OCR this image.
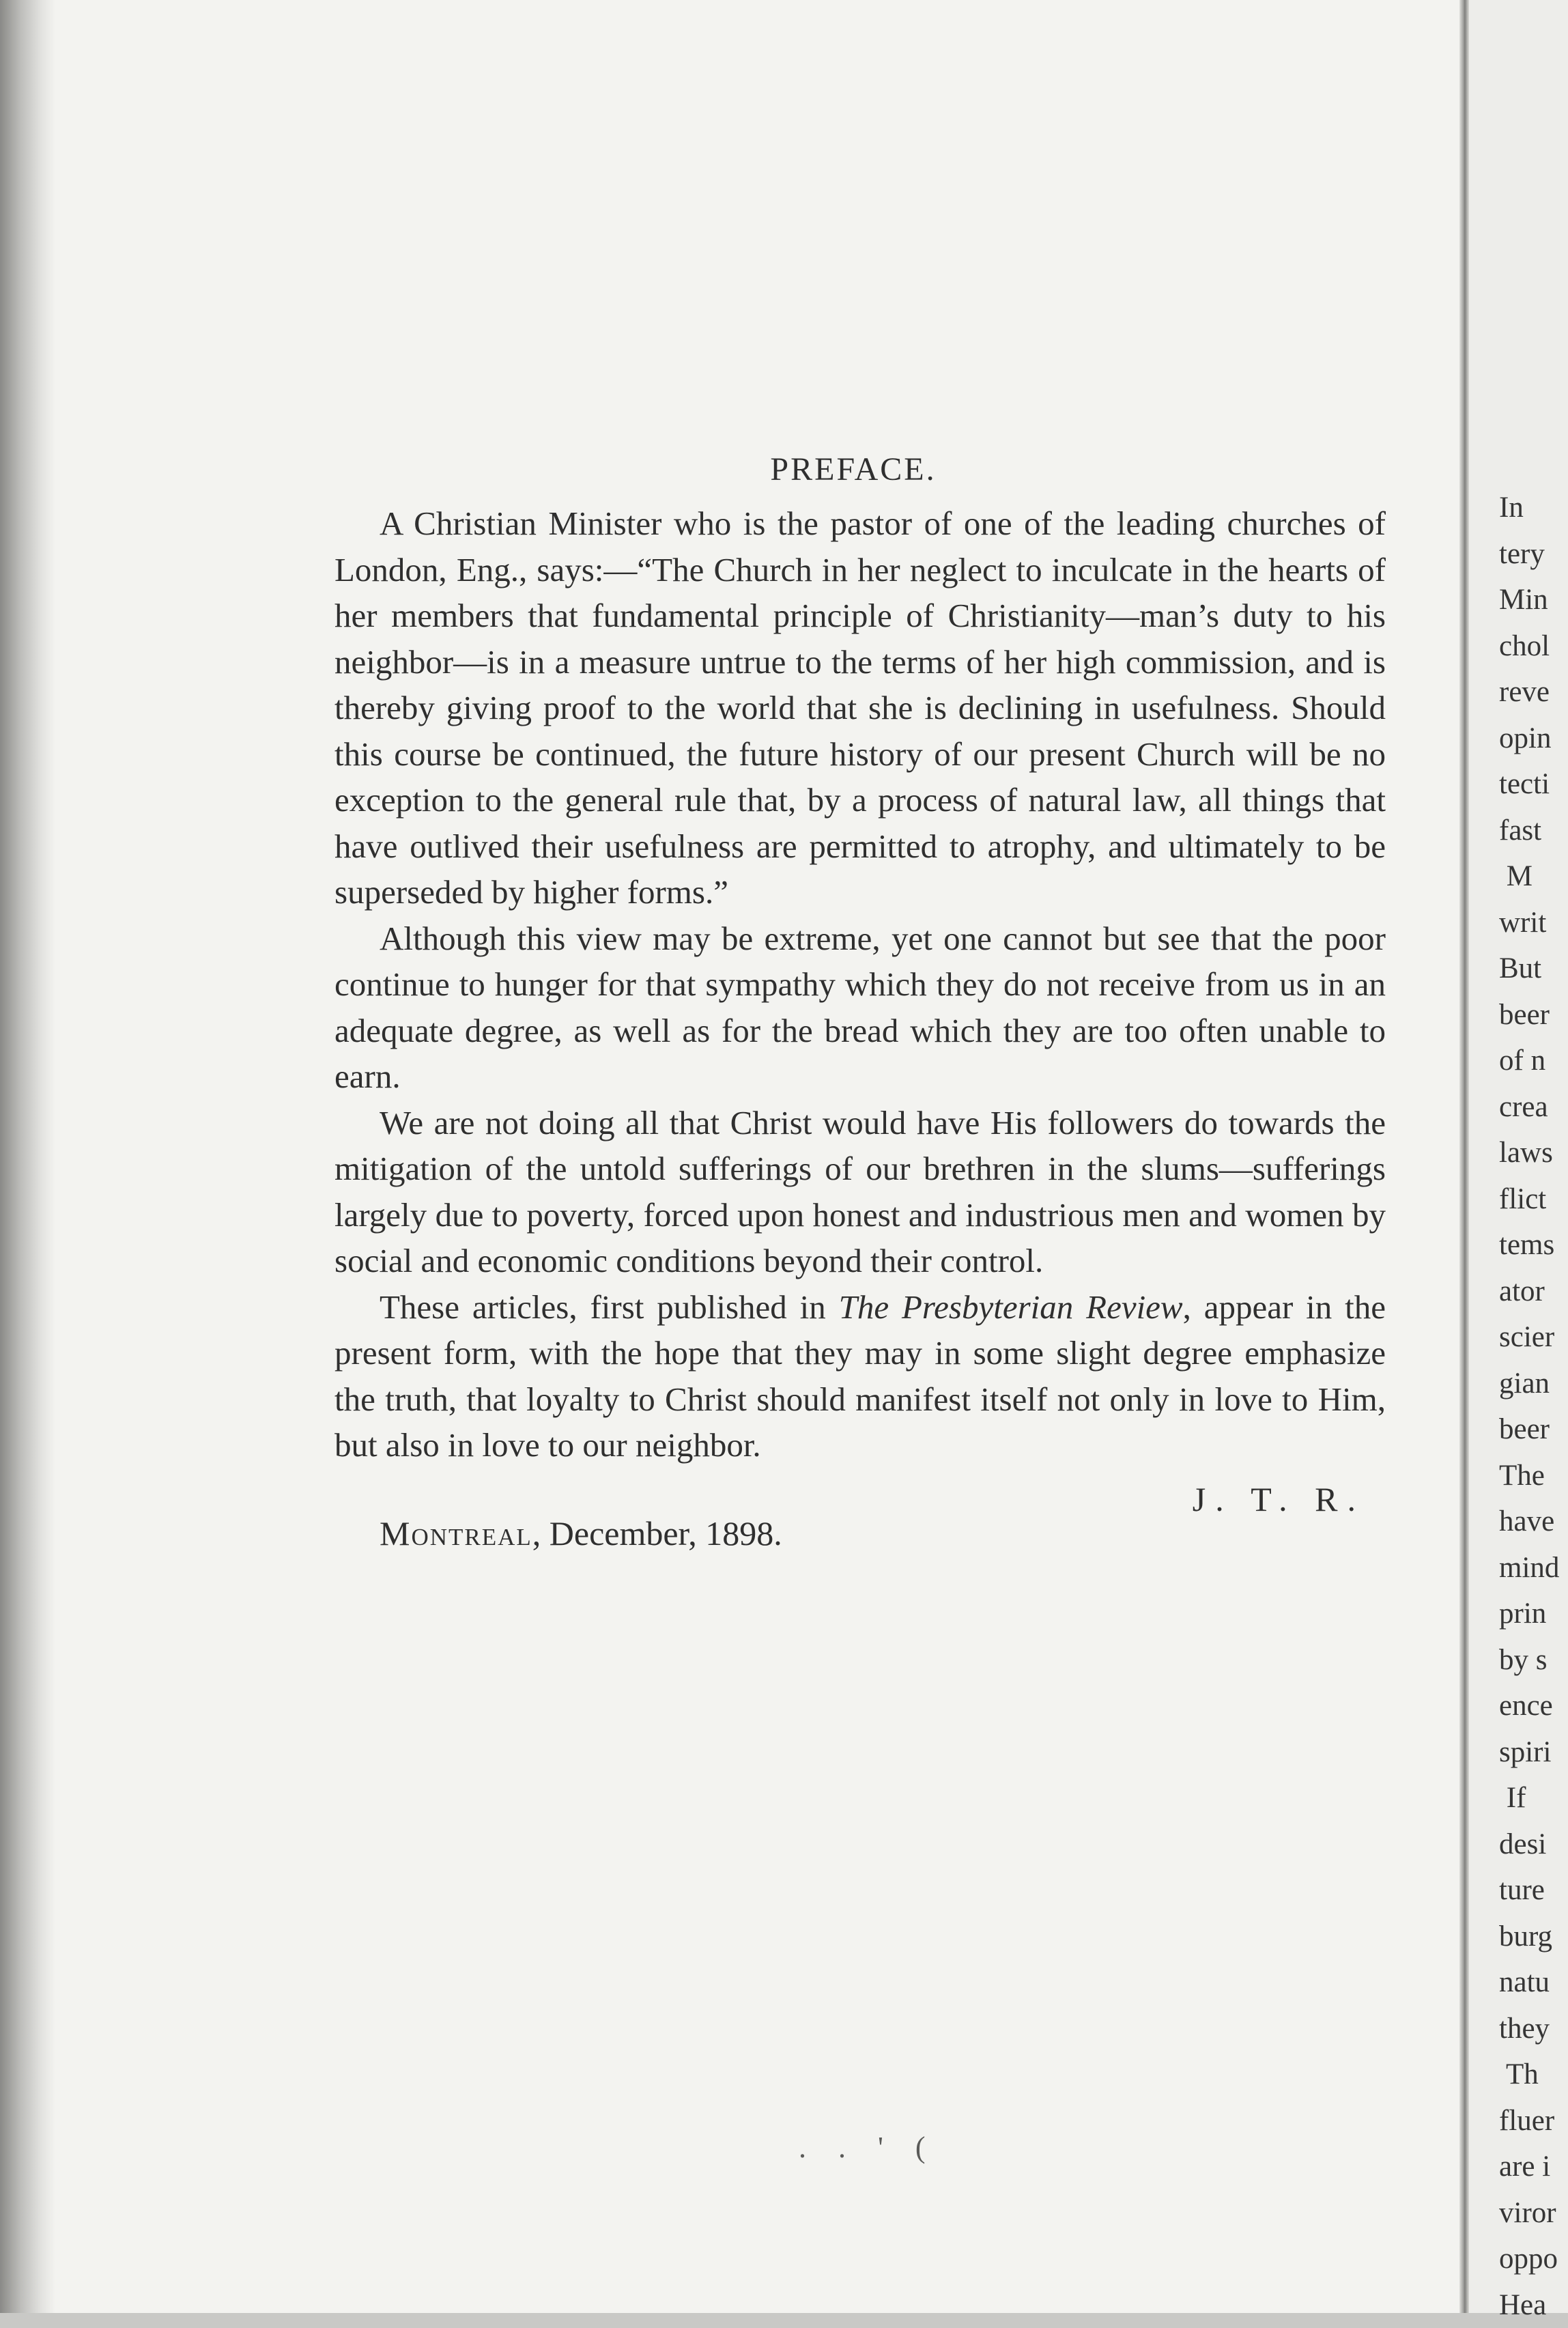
PREFACE.

A Christian Minister who is the pastor of one of the leading churches of London, Eng., says:—“The Church in her neglect to inculcate in the hearts of her members that fundamental principle of Christianity—man’s duty to his neighbor—is in a measure untrue to the terms of her high commission, and is thereby giving proof to the world that she is declining in usefulness. Should this course be continued, the future history of our present Church will be no exception to the general rule that, by a process of natural law, all things that have outlived their usefulness are permitted to atrophy, and ultimately to be superseded by higher forms.”

Although this view may be extreme, yet one cannot but see that the poor continue to hunger for that sympathy which they do not receive from us in an adequate degree, as well as for the bread which they are too often unable to earn.

We are not doing all that Christ would have His followers do towards the mitigation of the untold sufferings of our brethren in the slums—sufferings largely due to poverty, forced upon honest and industrious men and women by social and economic conditions beyond their control.

These articles, first published in The Presbyterian Review, appear in the present form, with the hope that they may in some slight degree emphasize the truth, that loyalty to Christ should manifest itself not only in love to Him, but also in love to our neighbor.

J. T. R.
Montreal, December, 1898.
. . ' (
In
tery
Min
chol
reve
opin
tecti
fast
M
writ
But
beer
of n
crea
laws
flict
tems
ator
scier
gian
beer
The
have
mind
prin
by s
ence
spiri
If
desi
ture
burg
natu
they
Th
fluer
are i
viror
oppo
Hea
